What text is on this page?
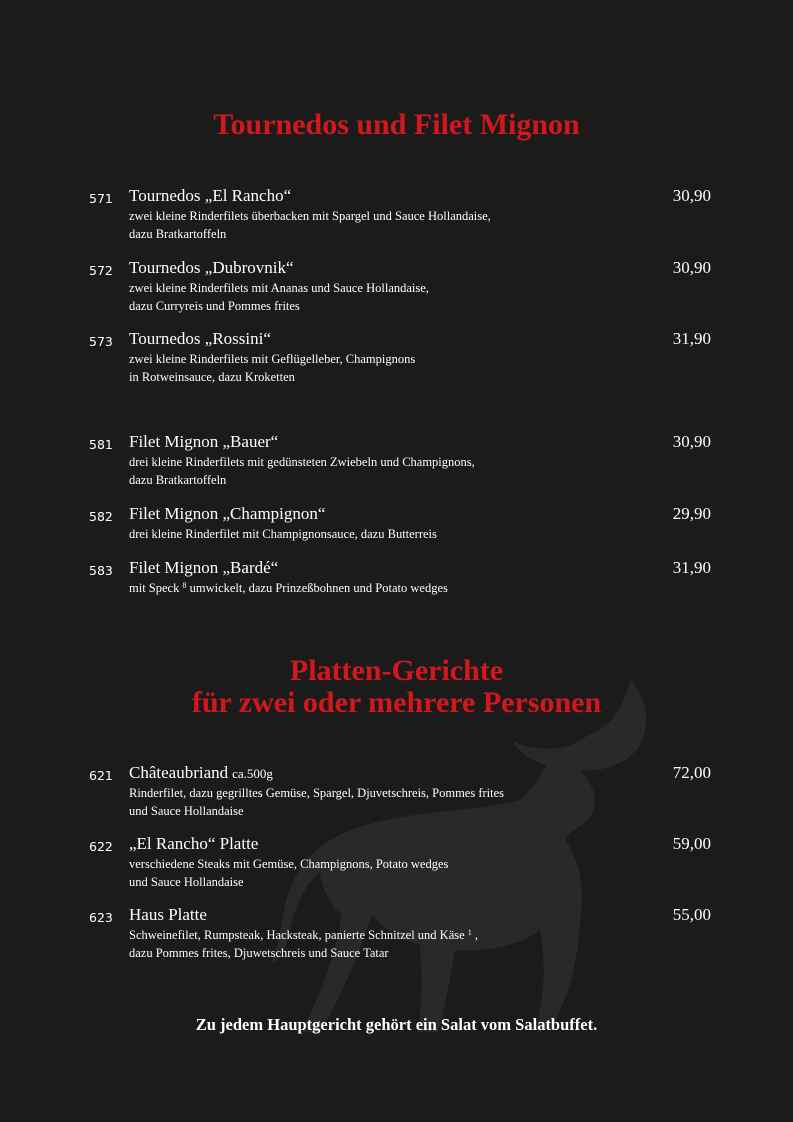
Tournedos und Filet Mignon
571 Tournedos „El Rancho“	30,90
zwei kleine Rinderfilets überbacken mit Spargel und Sauce Hollandaise,
dazu Bratkartoffeln
572 Tournedos „Dubrovnik“	30,90
zwei kleine Rinderfilets mit Ananas und Sauce Hollandaise,
dazu Curryreis und Pommes frites
573 Tournedos „Rossini“	31,90
zwei kleine Rinderfilets mit Geflügelleber, Champignons
in Rotweinsauce, dazu Kroketten
581 Filet Mignon „Bauer“	30,90
drei kleine Rinderfilets mit gedünsteten Zwiebeln und Champignons,
dazu Bratkartoffeln
582 Filet Mignon „Champignon“	29,90
drei kleine Rinderfilet mit Champignonsauce, dazu Butterreis
583 Filet Mignon „Bardé“	31,90
mit Speck $^8$ umwickelt, dazu Prinzeßbohnen und Potato wedges
Platten-Gerichte
für zwei oder mehrere Personen
621 Châteaubriand ca.500g	72,00
Rinderfilet, dazu gegrilltes Gemüse, Spargel, Djuvetschreis, Pommes frites
und Sauce Hollandaise
622 „El Rancho“ Platte	59,00
verschiedene Steaks mit Gemüse, Champignons, Potato wedges
und Sauce Hollandaise
623 Haus Platte	55,00
Schweinefilet, Rumpsteak, Hacksteak, panierte Schnitzel und Käse $^1$ ,
dazu Pommes frites, Djuwetschreis und Sauce Tatar
Zu jedem Hauptgericht gehört ein Salat vom Salatbuffet.
